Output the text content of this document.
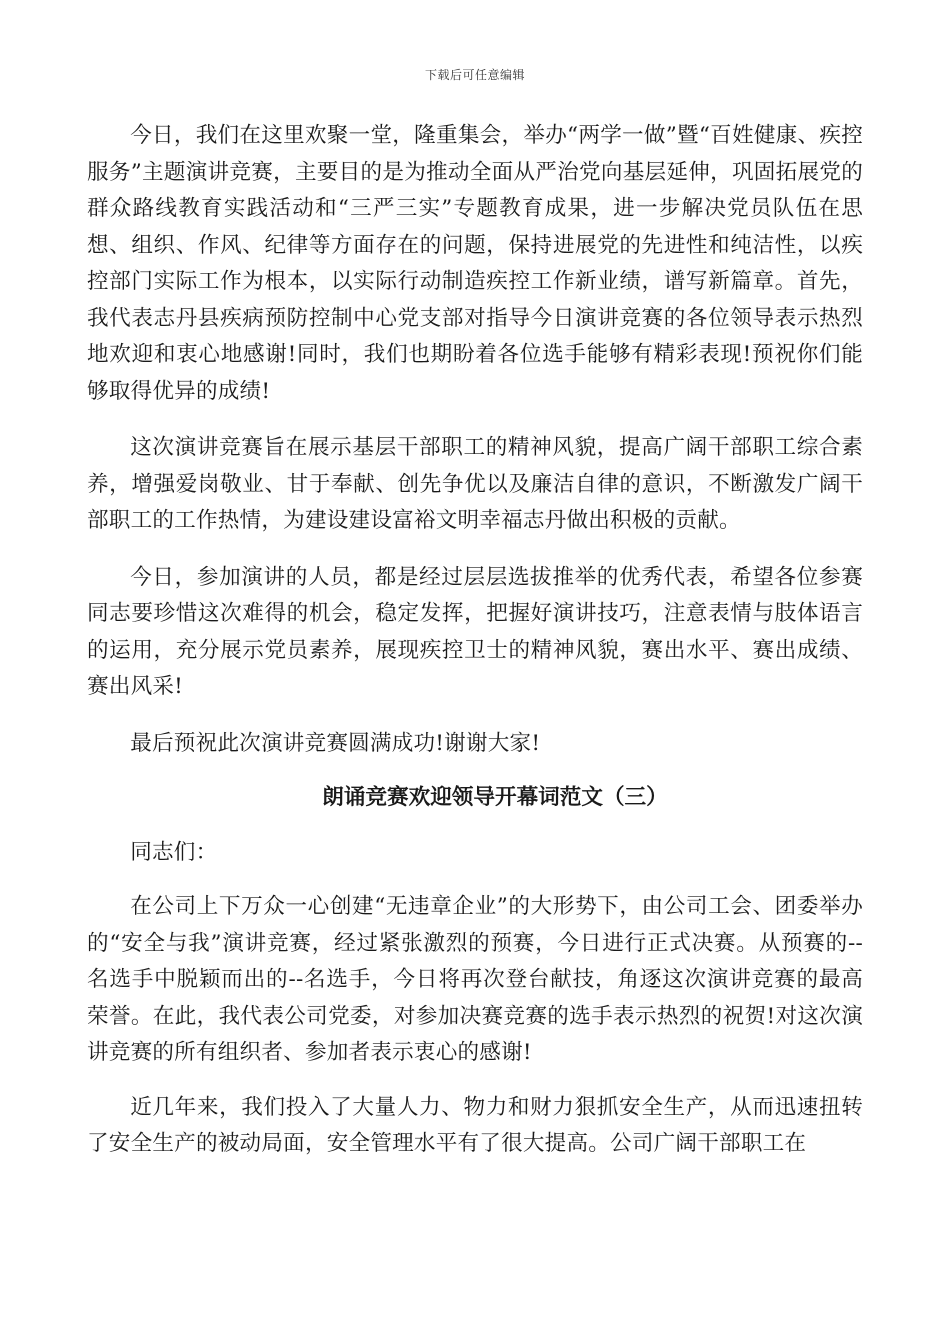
下载后可任意编辑

今日，我们在这里欢聚一堂，隆重集会，举办“两学一做”暨“百姓健康、疾控服务”主题演讲竞赛，主要目的是为推动全面从严治党向基层延伸，巩固拓展党的群众路线教育实践活动和“三严三实”专题教育成果，进一步解决党员队伍在思想、组织、作风、纪律等方面存在的问题，保持进展党的先进性和纯洁性，以疾控部门实际工作为根本，以实际行动制造疾控工作新业绩，谱写新篇章。首先，我代表志丹县疾病预防控制中心党支部对指导今日演讲竞赛的各位领导表示热烈地欢迎和衷心地感谢!同时，我们也期盼着各位选手能够有精彩表现!预祝你们能够取得优异的成绩!

这次演讲竞赛旨在展示基层干部职工的精神风貌，提高广阔干部职工综合素养，增强爱岗敬业、甘于奉献、创先争优以及廉洁自律的意识，不断激发广阔干部职工的工作热情，为建设建设富裕文明幸福志丹做出积极的贡献。

今日，参加演讲的人员，都是经过层层选拔推举的优秀代表，希望各位参赛同志要珍惜这次难得的机会，稳定发挥，把握好演讲技巧，注意表情与肢体语言的运用，充分展示党员素养，展现疾控卫士的精神风貌，赛出水平、赛出成绩、赛出风采!

最后预祝此次演讲竞赛圆满成功!谢谢大家!

朗诵竞赛欢迎领导开幕词范文（三）

同志们：

在公司上下万众一心创建“无违章企业”的大形势下，由公司工会、团委举办的“安全与我”演讲竞赛，经过紧张激烈的预赛，今日进行正式决赛。从预赛的--名选手中脱颖而出的--名选手，今日将再次登台献技，角逐这次演讲竞赛的最高荣誉。在此，我代表公司党委，对参加决赛竞赛的选手表示热烈的祝贺!对这次演讲竞赛的所有组织者、参加者表示衷心的感谢!

近几年来，我们投入了大量人力、物力和财力狠抓安全生产，从而迅速扭转了安全生产的被动局面，安全管理水平有了很大提高。公司广阔干部职工在
